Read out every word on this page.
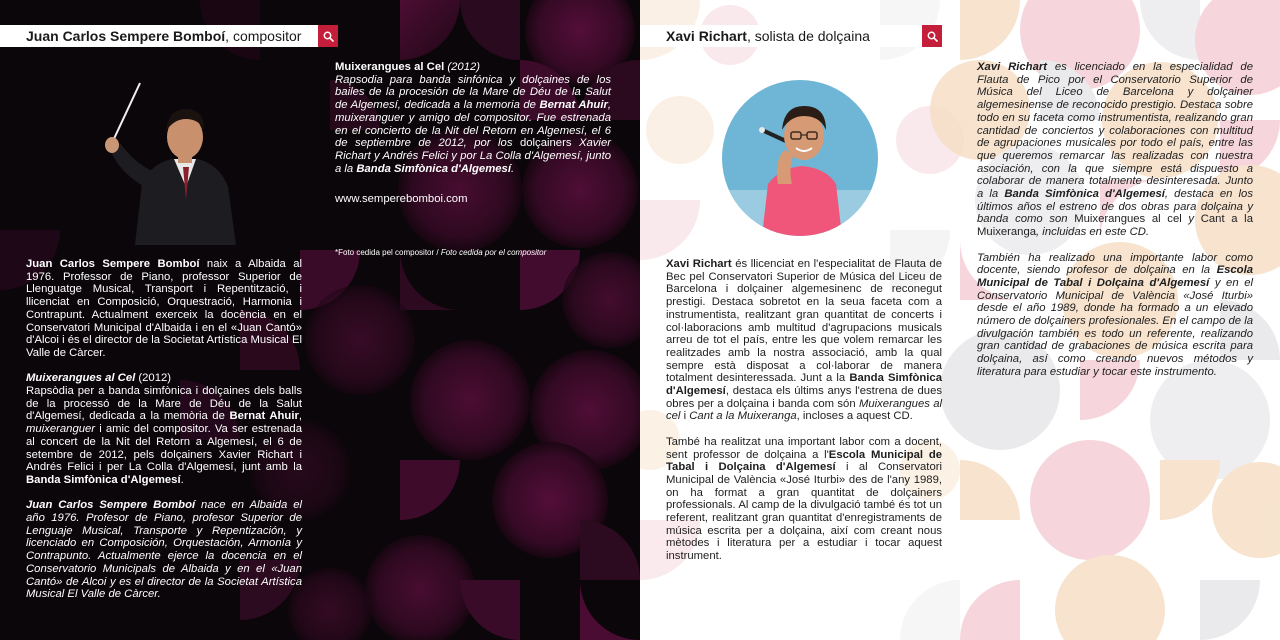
Juan Carlos Sempere Bomboí, compositor

Muixerangues al Cel (2012)
Rapsodia para banda sinfónica y dolçaines de los bailes de la procesión de la Mare de Déu de la Salut de Algemesí, dedicada a la memoria de Bernat Ahuir, muixeranguer y amigo del compositor. Fue estrenada en el concierto de la Nit del Retorn en Algemesí, el 6 de septiembre de 2012, por los dolçainers Xavier Richart y Andrés Felici y por La Colla d'Algemesí, junto a la Banda Simfònica d'Algemesí.

www.semperebomboi.com
*Foto cedida pel compositor / Foto cedida por el compositor

Juan Carlos Sempere Bomboí naix a Albaida al 1976. Professor de Piano, professor Superior de Llenguatge Musical, Transport i Repentització, i llicenciat en Composició, Orquestració, Harmonia i Contrapunt. Actualment exerceix la docència en el Conservatori Municipal d'Albaida i en el «Juan Cantó» d'Alcoi i és el director de la Societat Artística Musical El Valle de Càrcer.

Muixerangues al Cel (2012)
Rapsòdia per a banda simfònica i dolçaines dels balls de la processó de la Mare de Déu de la Salut d'Algemesí, dedicada a la memòria de Bernat Ahuir, muixeranguer i amic del compositor. Va ser estrenada al concert de la Nit del Retorn a Algemesí, el 6 de setembre de 2012, pels dolçainers Xavier Richart i Andrés Felici i per La Colla d'Algemesí, junt amb la Banda Simfònica d'Algemesí.

Juan Carlos Sempere Bomboí nace en Albaida el año 1976. Profesor de Piano, profesor Superior de Lenguaje Musical, Transporte y Repentización, y licenciado en Composición, Orquestación, Armonía y Contrapunto. Actualmente ejerce la docencia en el Conservatorio Municipals de Albaida y en el «Juan Cantó» de Alcoi y es el director de la Societat Artística Musical El Valle de Càrcer.

Xavi Richart, solista de dolçaina

Xavi Richart és llicenciat en l'especialitat de Flauta de Bec pel Conservatori Superior de Música del Liceu de Barcelona i dolçainer algemesinenc de reconegut prestigi. Destaca sobretot en la seua faceta com a instrumentista, realitzant gran quantitat de concerts i col·laboracions amb multitud d'agrupacions musicals arreu de tot el país, entre les que volem remarcar les realitzades amb la nostra associació, amb la qual sempre està disposat a col·laborar de manera totalment desinteressada. Junt a la Banda Simfònica d'Algemesí, destaca els últims anys l'estrena de dues obres per a dolçaina i banda com són Muixerangues al cel i Cant a la Muixeranga, incloses a aquest CD.

També ha realitzat una important labor com a docent, sent professor de dolçaina a l'Escola Municipal de Tabal i Dolçaina d'Algemesí i al Conservatori Municipal de València «José Iturbi» des de l'any 1989, on ha format a gran quantitat de dolçainers professionals. Al camp de la divulgació també és tot un referent, realitzant gran quantitat d'enregistraments de música escrita per a dolçaina, així com creant nous mètodes i literatura per a estudiar i tocar aquest instrument.

Xavi Richart es licenciado en la especialidad de Flauta de Pico por el Conservatorio Superior de Música del Liceo de Barcelona y dolçainer algemesinense de reconocido prestigio. Destaca sobre todo en su faceta como instrumentista, realizando gran cantidad de conciertos y colaboraciones con multitud de agrupaciones musicales por todo el país, entre las que queremos remarcar las realizadas con nuestra asociación, con la que siempre está dispuesto a colaborar de manera totalmente desinteresada. Junto a la Banda Simfònica d'Algemesí, destaca en los últimos años el estreno de dos obras para dolçaina y banda como son Muixerangues al cel y Cant a la Muixeranga, incluidas en este CD.

También ha realizado una importante labor como docente, siendo profesor de dolçaina en la Escola Municipal de Tabal i Dolçaina d'Algemesí y en el Conservatorio Municipal de València «José Iturbi» desde el año 1989, donde ha formado a un elevado número de dolçainers profesionales. En el campo de la divulgación también es todo un referente, realizando gran cantidad de grabaciones de música escrita para dolçaina, así como creando nuevos métodos y literatura para estudiar y tocar este instrumento.
